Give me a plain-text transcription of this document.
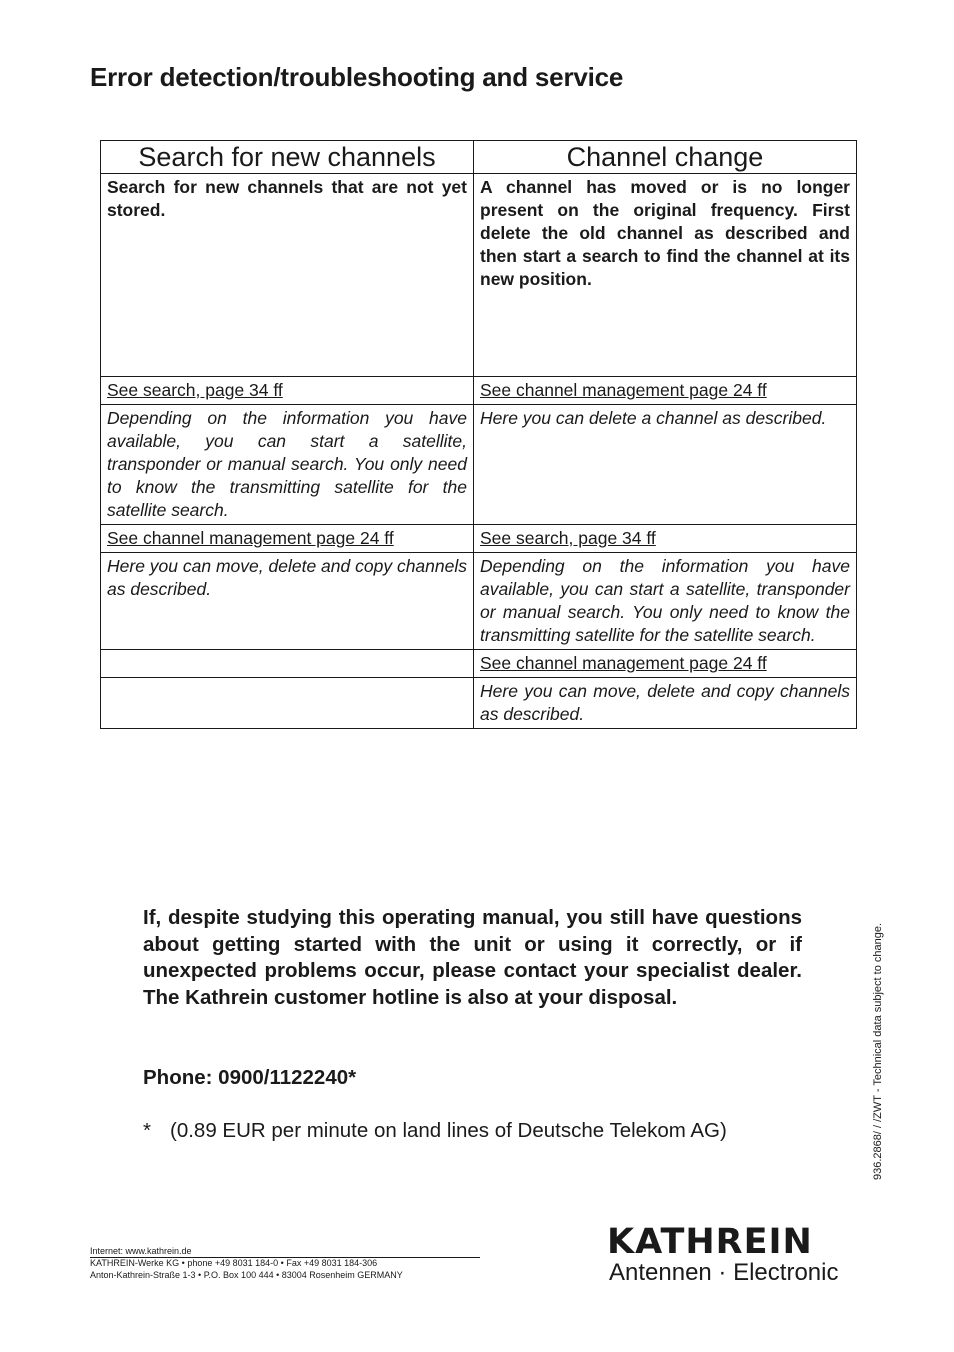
Error detection/troubleshooting and service
Search for new channels	Channel change
Search for new channels that are not yet stored.	A channel has moved or is no longer present on the original frequency. First delete the old channel as described and then start a search to find the channel at its new position.
See search, page 34 ff	See channel management page 24 ff
Depending on the information you have available, you can start a satellite, transponder or manual search. You only need to know the transmitting satellite for the satellite search.	Here you can delete a channel as described.
See channel management page 24 ff	See search, page 34 ff
Here you can move, delete and copy channels as described.	Depending on the information you have available, you can start a satellite, transponder or manual search. You only need to know the transmitting satellite for the satellite search.
	See channel management page 24 ff
	Here you can move, delete and copy channels as described.
If, despite studying this operating manual, you still have questions about getting started with the unit or using it correctly, or if unexpected problems occur, please contact your specialist dealer. The Kathrein customer hotline is also at your disposal.
Phone: 0900/1122240*
* (0.89 EUR per minute on land lines of Deutsche Telekom AG)	936.2868/ / /ZWT - Technical data subject to change.
Internet: www.kathrein.de
KATHREIN-Werke KG • phone +49 8031 184-0 • Fax +49 8031 184-306
Anton-Kathrein-Straße 1-3 • P.O. Box 100 444 • 83004 Rosenheim GERMANY
KATHREIN
Antennen · Electronic
